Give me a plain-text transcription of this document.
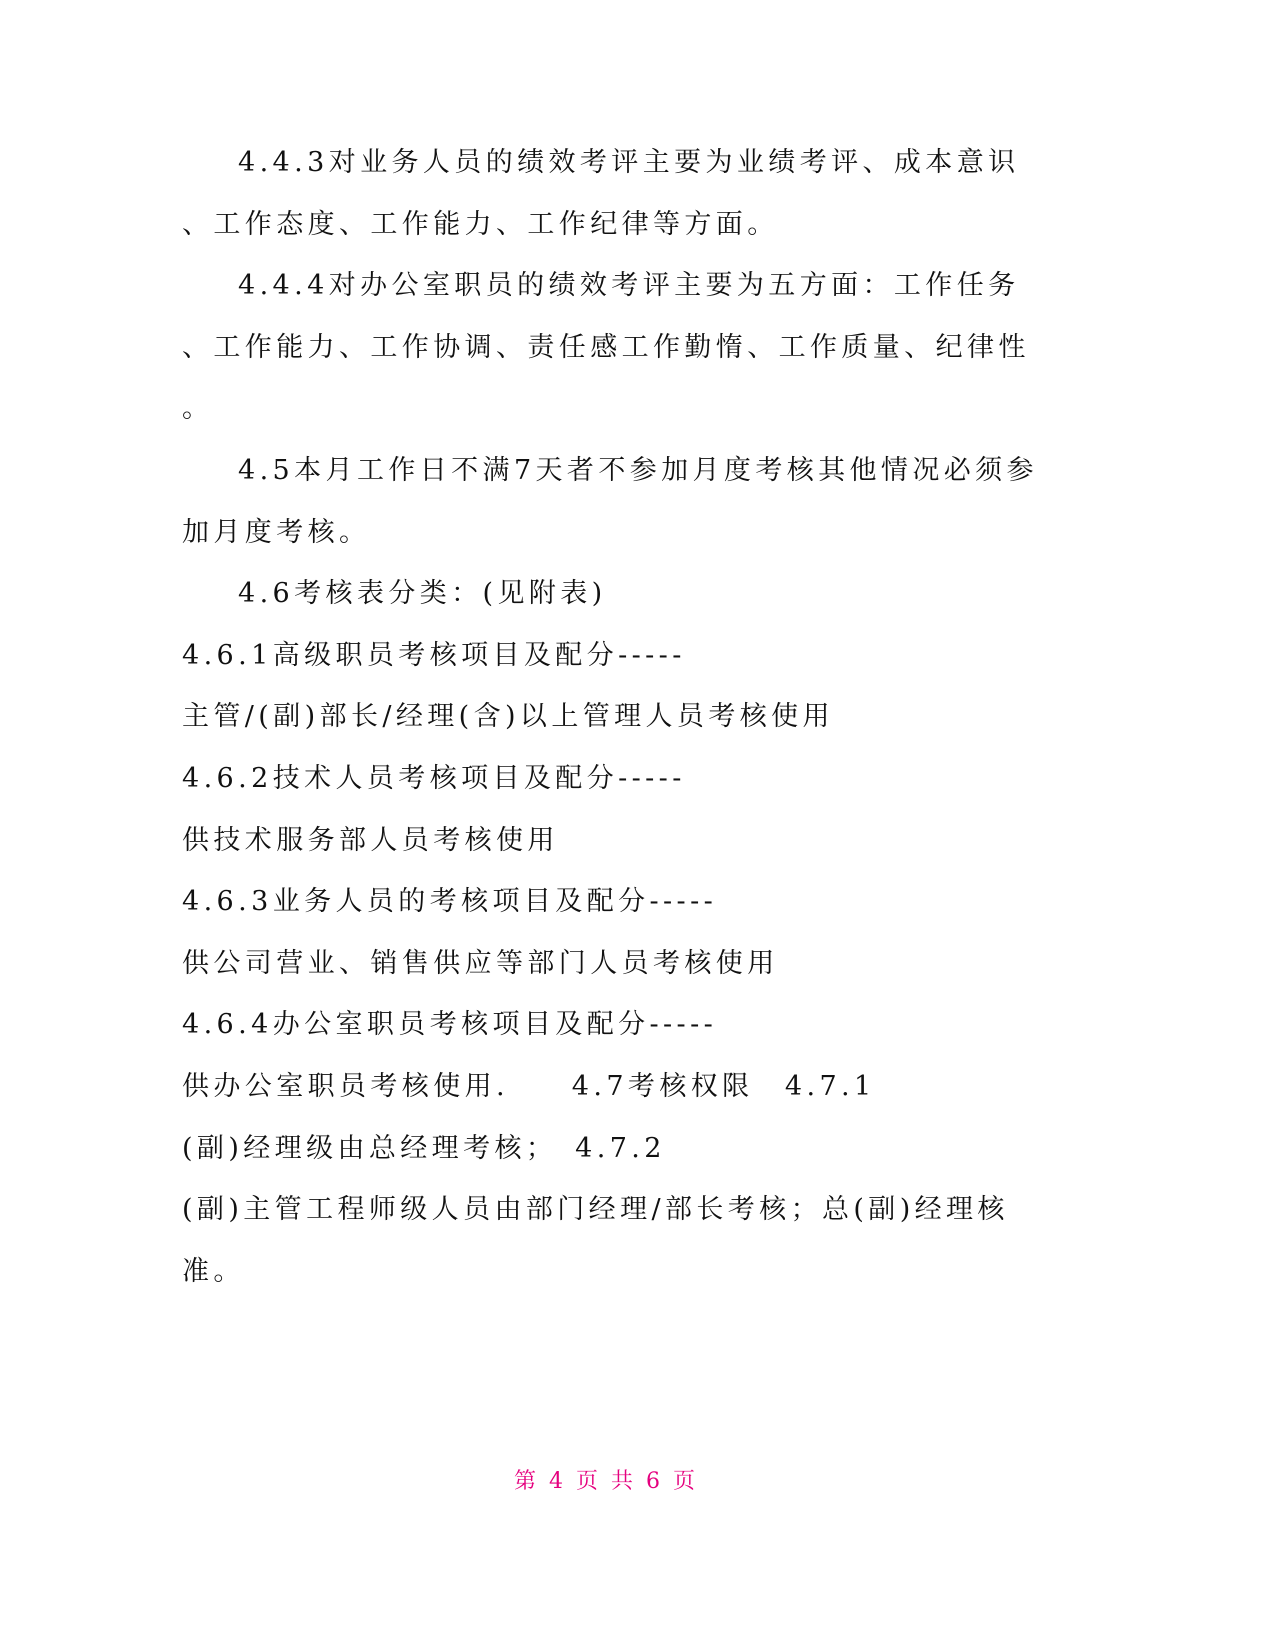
4.4.3对业务人员的绩效考评主要为业绩考评、成本意识
、工作态度、工作能力、工作纪律等方面。
4.4.4对办公室职员的绩效考评主要为五方面：工作任务
、工作能力、工作协调、责任感工作勤惰、工作质量、纪律性
。
4.5本月工作日不满7天者不参加月度考核其他情况必须参
加月度考核。
4.6考核表分类：(见附表)
4.6.1高级职员考核项目及配分-----
主管/(副)部长/经理(含)以上管理人员考核使用
4.6.2技术人员考核项目及配分-----
供技术服务部人员考核使用
4.6.3业务人员的考核项目及配分-----
供公司营业、销售供应等部门人员考核使用
4.6.4办公室职员考核项目及配分-----
供办公室职员考核使用.　　4.7考核权限　4.7.1
(副)经理级由总经理考核；　4.7.2
(副)主管工程师级人员由部门经理/部长考核；总(副)经理核
准。
第 4 页 共 6 页
